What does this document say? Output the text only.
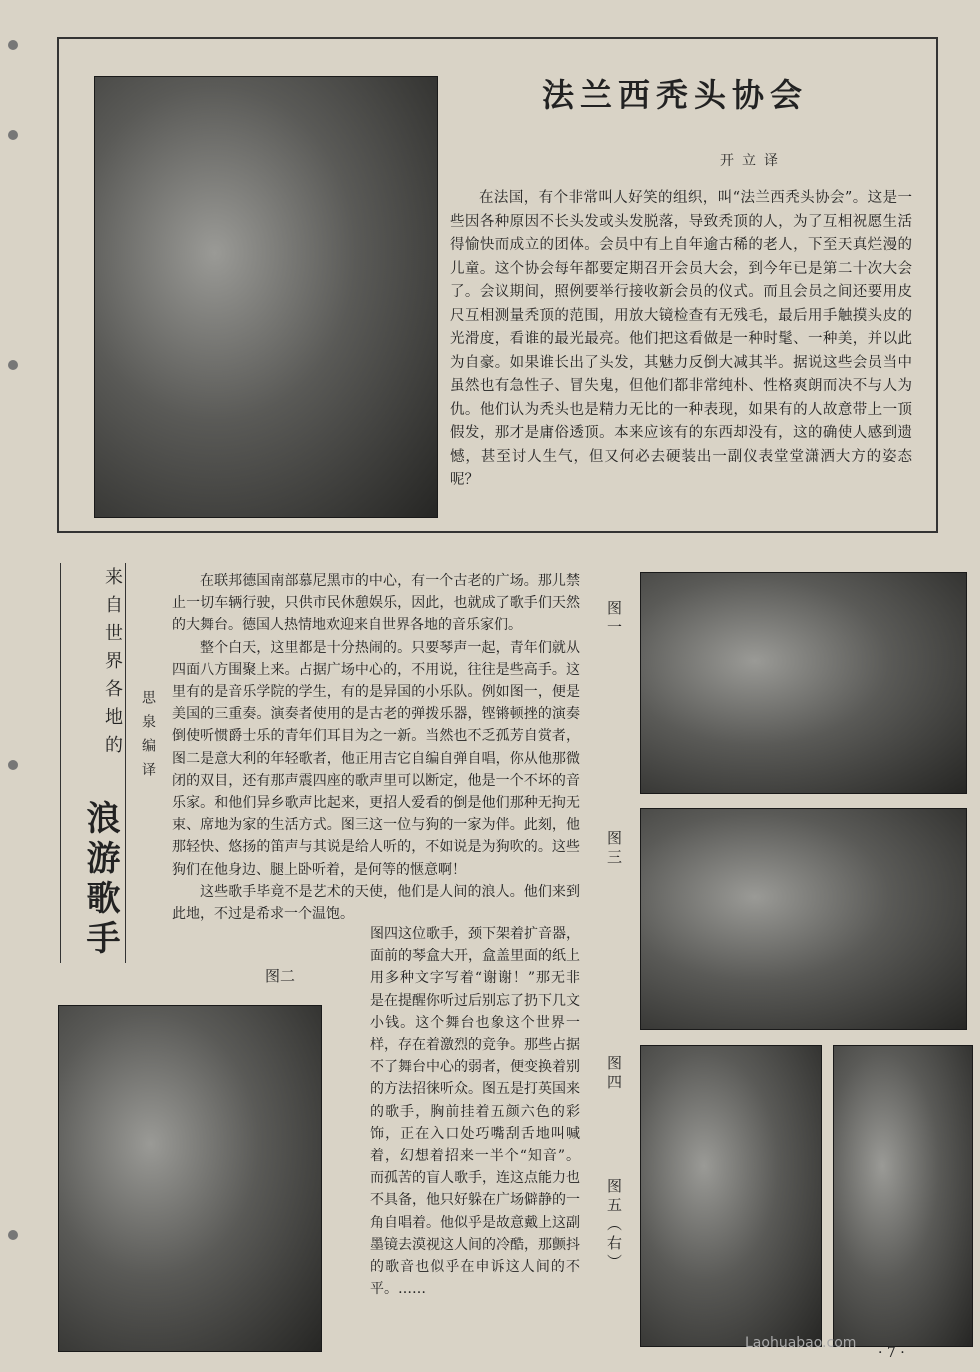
法兰西秃头协会
开立译
在法国，有个非常叫人好笑的组织，叫“法兰西秃头协会”。这是一些因各种原因不长头发或头发脱落，导致秃顶的人，为了互相祝愿生活得愉快而成立的团体。会员中有上自年逾古稀的老人，下至天真烂漫的儿童。这个协会每年都要定期召开会员大会，到今年已是第二十次大会了。会议期间，照例要举行接收新会员的仪式。而且会员之间还要用皮尺互相测量秃顶的范围，用放大镜检查有无残毛，最后用手触摸头皮的光滑度，看谁的最光最亮。他们把这看做是一种时髦、一种美，并以此为自豪。如果谁长出了头发，其魅力反倒大减其半。据说这些会员当中虽然也有急性子、冒失鬼，但他们都非常纯朴、性格爽朗而决不与人为仇。他们认为秃头也是精力无比的一种表现，如果有的人故意带上一顶假发，那才是庸俗透顶。本来应该有的东西却没有，这的确使人感到遗憾，甚至讨人生气，但又何必去硬装出一副仪表堂堂潇洒大方的姿态呢？
来自世界各地的
浪游歌手
思泉编译

在联邦德国南部慕尼黑市的中心，有一个古老的广场。那儿禁止一切车辆行驶，只供市民休憩娱乐，因此，也就成了歌手们天然的大舞台。德国人热情地欢迎来自世界各地的音乐家们。

整个白天，这里都是十分热闹的。只要琴声一起，青年们就从四面八方围聚上来。占据广场中心的，不用说，往往是些高手。这里有的是音乐学院的学生，有的是异国的小乐队。例如图一，便是美国的三重奏。演奏者使用的是古老的弹拨乐器，铿锵顿挫的演奏倒使听惯爵士乐的青年们耳目为之一新。当然也不乏孤芳自赏者，图二是意大利的年轻歌者，他正用吉它自编自弹自唱，你从他那微闭的双目，还有那声震四座的歌声里可以断定，他是一个不坏的音乐家。和他们异乡歌声比起来，更招人爱看的倒是他们那种无拘无束、席地为家的生活方式。图三这一位与狗的一家为伴。此刻，他那轻快、悠扬的笛声与其说是给人听的，不如说是为狗吹的。这些狗们在他身边、腿上卧听着，是何等的惬意啊！

这些歌手毕竟不是艺术的天使，他们是人间的浪人。他们来到此地，不过是希求一个温饱。

图四这位歌手，颈下架着扩音器，面前的琴盒大开，盒盖里面的纸上用多种文字写着“谢谢！”那无非是在提醒你听过后别忘了扔下几文小钱。这个舞台也象这个世界一样，存在着激烈的竞争。那些占据不了舞台中心的弱者，便变换着别的方法招徕听众。图五是打英国来的歌手，胸前挂着五颜六色的彩饰，正在入口处巧嘴刮舌地叫喊着，幻想着招来一半个“知音”。而孤苦的盲人歌手，连这点能力也不具备，他只好躲在广场僻静的一角自唱着。他似乎是故意戴上这副墨镜去漠视这人间的冷酷，那颤抖的歌音也似乎在申诉这人间的不平。……
图一
图二
图三
图四
图五（右）
Laohuabao.com
· 7 ·
